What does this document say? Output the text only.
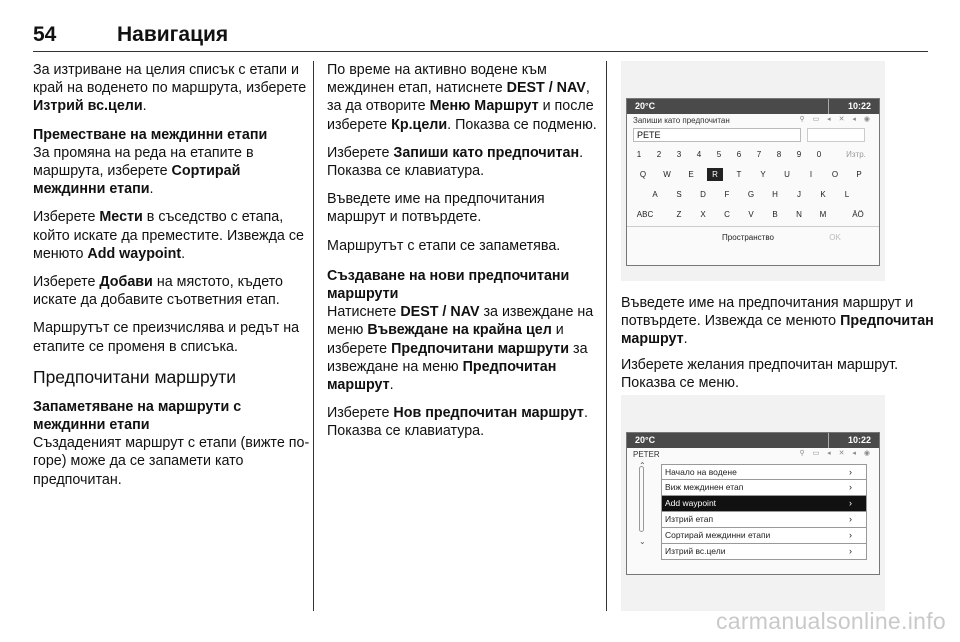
54	Навигация

За изтриване на целия списък с етапи и край на воденето по маршрута, изберете Изтрий вс.цели.

Преместване на междинни етапи

За промяна на реда на етапите в маршрута, изберете Сортирай междинни етапи.

Изберете Мести в съседство с етапа, който искате да преместите. Извежда се менюто Add waypoint.

Изберете Добави на мястото, където искате да добавите съответния етап.

Маршрутът се преизчислява и редът на етапите се променя в списъка.

Предпочитани маршрути

Запаметяване на маршрути с междинни етапи

Създаденият маршрут с етапи (вижте по-горе) може да се запамети като предпочитан.

По време на активно водене към междинен етап, натиснете DEST / NAV, за да отворите Меню Маршрут и после изберете Кр.цели. Показва се подменю.

Изберете Запиши като предпочитан. Показва се клавиатура.

Въведете име на предпочитания маршрут и потвърдете.

Маршрутът с етапи се запаметява.

Създаване на нови предпочитани маршрути

Натиснете DEST / NAV за извеждане на меню Въвеждане на крайна цел и изберете Предпочитани маршрути за извеждане на меню Предпочитан маршрут.

Изберете Нов предпочитан маршрут. Показва се клавиатура.

20°C	10:22
Запиши като предпочитан	⚲ ▭ ◂ ✕ ◂ ◉
PETE
1	2	3	4	5	6	7	8	9	0	Изтр.
Q	W	E	R	T	Y	U	I	O	P
A	S	D	F	G	H	J	K	L
ABC	Z	X	C	V	B	N	M	ÄÖ
Пространство	OK

Въведете име на предпочитания маршрут и потвърдете. Извежда се менюто Предпочитан маршрут.

Изберете желания предпочитан маршрут. Показва се меню.

20°C	10:22
PETER	⚲ ▭ ◂ ✕ ◂ ◉
⌃
⌄
Начало на водене	›
Виж междинен етап	›
Add waypoint	›
Изтрий етап	›
Сортирай междинни етапи	›
Изтрий вс.цели	›
carmanualsonline.info
